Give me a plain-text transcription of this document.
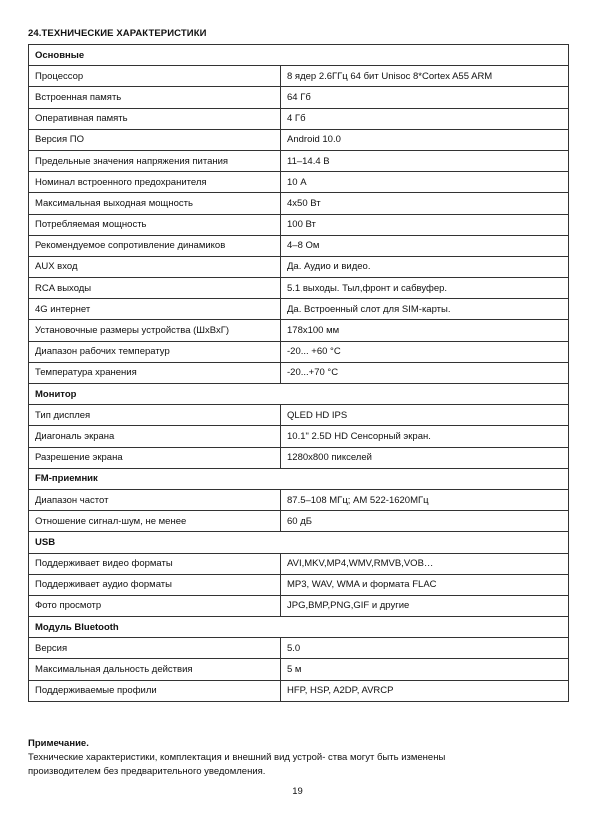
24.ТЕХНИЧЕСКИЕ ХАРАКТЕРИСТИКИ
Основные	
Процессор	8 ядер 2.6ГГц 64 бит Unisoc 8*Cortex A55 ARM
Встроенная память	64 Гб
Оперативная память	4 Гб
Версия ПО	Android 10.0
Предельные значения напряжения питания	11–14.4 В
Номинал встроенного предохранителя	10 А
Максимальная выходная мощность	4x50 Вт
Потребляемая мощность	100 Вт
Рекомендуемое сопротивление динамиков	4–8 Ом
AUX вход	Да. Аудио и видео.
RCA выходы	5.1 выходы. Тыл,фронт и сабвуфер.
4G интернет	Да. Встроенный слот для SIM-карты.
Установочные размеры устройства (ШxВхГ)	178x100 мм
Диапазон рабочих температур	-20... +60 °C
Температура хранения	-20...+70 °C
Монитор	
Тип дисплея	QLED HD IPS
Диагональ экрана	10.1" 2.5D HD Сенсорный экран.
Разрешение экрана	1280x800 пикселей
FM-приемник	
Диапазон частот	87.5–108 МГц; AM 522-1620МГц
Отношение сигнал-шум, не менее	60 дБ
USB	
Поддерживает видео форматы	AVI,MKV,MP4,WMV,RMVB,VOB…
Поддерживает аудио форматы	MP3, WAV, WMA и формата FLAC
Фото просмотр	JPG,BMP,PNG,GIF и другие
Модуль Bluetooth	
Версия	5.0
Максимальная дальность действия	5 м
Поддерживаемые профили	HFP, HSP, A2DP, AVRCP
Примечание.
Технические характеристики, комплектация и внешний вид устрой- ства могут быть изменены
производителем без предварительного уведомления.
19
